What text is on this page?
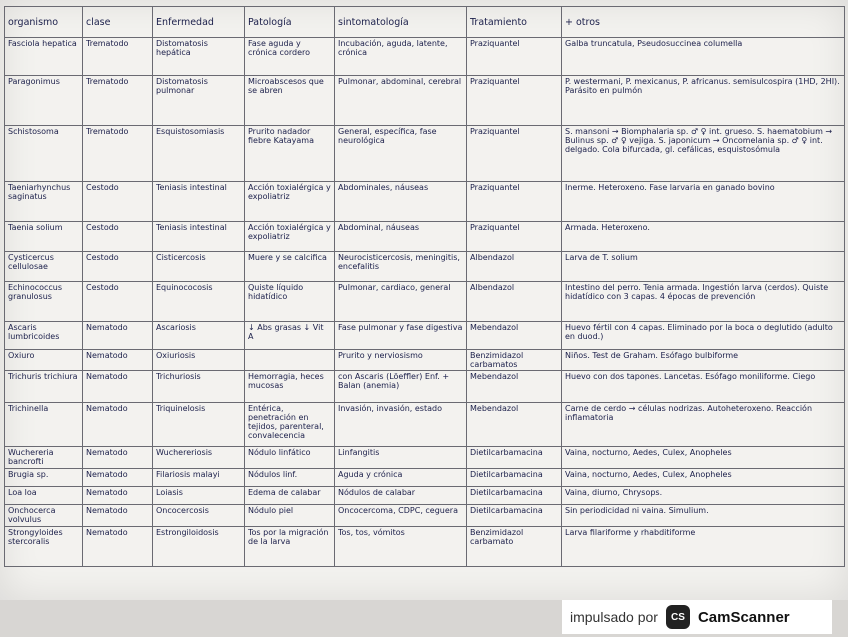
organismo	clase	Enfermedad	Patología	sintomatología	Tratamiento	+ otros
Fasciola hepatica	Trematodo	Distomatosis hepática	Fase aguda y crónica cordero	Incubación, aguda, latente, crónica	Praziquantel	Galba truncatula, Pseudosuccinea columella
Paragonimus	Trematodo	Distomatosis pulmonar	Microabscesos que se abren	Pulmonar, abdominal, cerebral	Praziquantel	P. westermani, P. mexicanus, P. africanus. semisulcospira (1HD, 2HI). Parásito en pulmón
Schistosoma	Trematodo	Esquistosomiasis	Prurito nadador fiebre Katayama	General, específica, fase neurológica	Praziquantel	S. mansoni → Biomphalaria sp. ♂ ♀ int. grueso. S. haematobium → Bulinus sp. ♂ ♀ vejiga. S. japonicum → Oncomelania sp. ♂ ♀ int. delgado. Cola bifurcada, gl. cefálicas, esquistosómula
Taeniarhynchus saginatus	Cestodo	Teniasis intestinal	Acción toxialérgica y expoliatriz	Abdominales, náuseas	Praziquantel	Inerme. Heteroxeno. Fase larvaria en ganado bovino
Taenia solium	Cestodo	Teniasis intestinal	Acción toxialérgica y expoliatriz	Abdominal, náuseas	Praziquantel	Armada. Heteroxeno.
Cysticercus cellulosae	Cestodo	Cisticercosis	Muere y se calcifica	Neurocisticercosis, meningitis, encefalitis	Albendazol	Larva de T. solium
Echinococcus granulosus	Cestodo	Equinococosis	Quiste líquido hidatídico	Pulmonar, cardiaco, general	Albendazol	Intestino del perro. Tenia armada. Ingestión larva (cerdos). Quiste hidatídico con 3 capas. 4 épocas de prevención
Ascaris lumbricoides	Nematodo	Ascariosis	↓ Abs grasas ↓ Vit A	Fase pulmonar y fase digestiva	Mebendazol	Huevo fértil con 4 capas. Eliminado por la boca o deglutido (adulto en duod.)
Oxiuro	Nematodo	Oxiuriosis		Prurito y nerviosismo	Benzimidazol carbamatos	Niños. Test de Graham. Esófago bulbiforme
Trichuris trichiura	Nematodo	Trichuriosis	Hemorragia, heces mucosas	con Ascaris (Löeffler) Enf. + Balan (anemia)	Mebendazol	Huevo con dos tapones. Lancetas. Esófago moniliforme. Ciego
Trichinella	Nematodo	Triquinelosis	Entérica, penetración en tejidos, parenteral, convalecencia	Invasión, invasión, estado	Mebendazol	Carne de cerdo → células nodrizas. Autoheteroxeno. Reacción inflamatoria
Wuchereria bancrofti	Nematodo	Wuchereriosis	Nódulo linfático	Linfangitis	Dietilcarbamacina	Vaina, nocturno, Aedes, Culex, Anopheles
Brugia sp.	Nematodo	Filariosis malayi	Nódulos linf.	Aguda y crónica	Dietilcarbamacina	Vaina, nocturno, Aedes, Culex, Anopheles
Loa loa	Nematodo	Loiasis	Edema de calabar	Nódulos de calabar	Dietilcarbamacina	Vaina, diurno, Chrysops.
Onchocerca volvulus	Nematodo	Oncocercosis	Nódulo piel	Oncocercoma, CDPC, ceguera	Dietilcarbamacina	Sin periodicidad ni vaina. Simulium.
Strongyloides stercoralis	Nematodo	Estrongiloidosis	Tos por la migración de la larva	Tos, tos, vómitos	Benzimidazol carbamato	Larva filariforme y rhabditiforme
impulsado por	CS CamScanner
